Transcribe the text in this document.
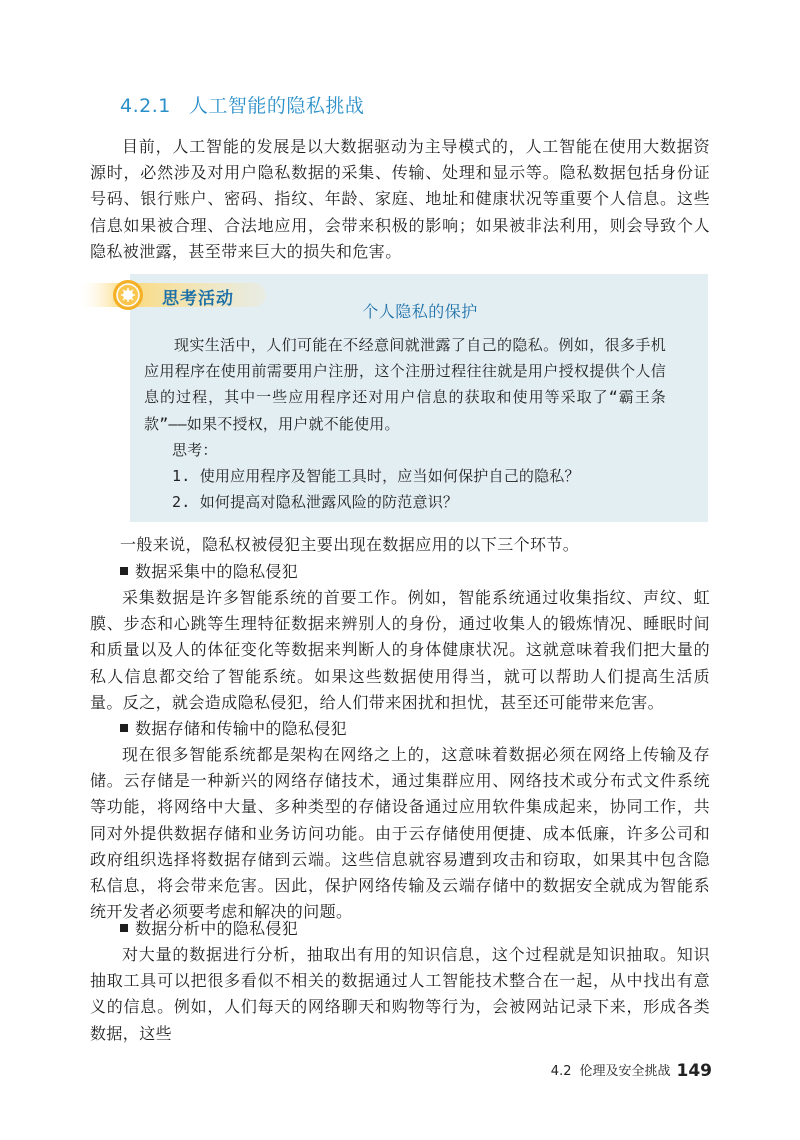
4.2.1 人工智能的隐私挑战

目前，人工智能的发展是以大数据驱动为主导模式的，人工智能在使用大数据资源时，必然涉及对用户隐私数据的采集、传输、处理和显示等。隐私数据包括身份证号码、银行账户、密码、指纹、年龄、家庭、地址和健康状况等重要个人信息。这些信息如果被合理、合法地应用，会带来积极的影响；如果被非法利用，则会导致个人隐私被泄露，甚至带来巨大的损失和危害。

思考活动
个人隐私的保护

现实生活中，人们可能在不经意间就泄露了自己的隐私。例如，很多手机应用程序在使用前需要用户注册，这个注册过程往往就是用户授权提供个人信息的过程，其中一些应用程序还对用户信息的获取和使用等采取了“霸王条款”——如果不授权，用户就不能使用。

思考：
1. 使用应用程序及智能工具时，应当如何保护自己的隐私？
2. 如何提高对隐私泄露风险的防范意识？

一般来说，隐私权被侵犯主要出现在数据应用的以下三个环节。

数据采集中的隐私侵犯

采集数据是许多智能系统的首要工作。例如，智能系统通过收集指纹、声纹、虹膜、步态和心跳等生理特征数据来辨别人的身份，通过收集人的锻炼情况、睡眠时间和质量以及人的体征变化等数据来判断人的身体健康状况。这就意味着我们把大量的私人信息都交给了智能系统。如果这些数据使用得当，就可以帮助人们提高生活质量。反之，就会造成隐私侵犯，给人们带来困扰和担忧，甚至还可能带来危害。

数据存储和传输中的隐私侵犯

现在很多智能系统都是架构在网络之上的，这意味着数据必须在网络上传输及存储。云存储是一种新兴的网络存储技术，通过集群应用、网络技术或分布式文件系统等功能，将网络中大量、多种类型的存储设备通过应用软件集成起来，协同工作，共同对外提供数据存储和业务访问功能。由于云存储使用便捷、成本低廉，许多公司和政府组织选择将数据存储到云端。这些信息就容易遭到攻击和窃取，如果其中包含隐私信息，将会带来危害。因此，保护网络传输及云端存储中的数据安全就成为智能系统开发者必须要考虑和解决的问题。

数据分析中的隐私侵犯

对大量的数据进行分析，抽取出有用的知识信息，这个过程就是知识抽取。知识抽取工具可以把很多看似不相关的数据通过人工智能技术整合在一起，从中找出有意义的信息。例如，人们每天的网络聊天和购物等行为，会被网站记录下来，形成各类数据，这些

4.2 伦理及安全挑战 149
